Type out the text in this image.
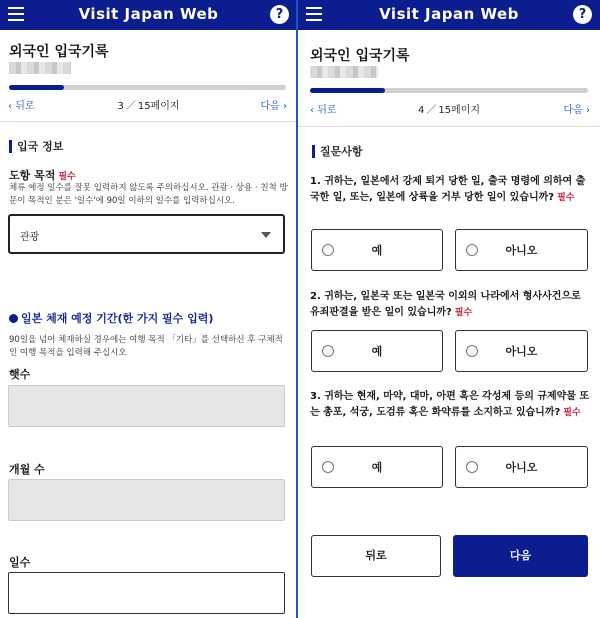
Visit Japan Web	?
외국인 입국기록
‹ 뒤로	3 ／ 15페이지	다음 ›
입국 정보
도항 목적 필수
체류 예정 일수를 잘못 입력하지 않도록 주의하십시오. 관광 · 상용 · 친척 방문이 목적인 분은 '일수'에 90일 이하의 일수를 입력하십시오.
관광
일본 체재 예정 기간(한 가지 필수 입력)
90일을 넘어 체재하실 경우에는 여행 목적 「기타」를 선택하신 후 구체적인 여행 목적을 입력해 주십시오
햇수
개월 수
일수
Visit Japan Web	?
외국인 입국기록
‹ 뒤로	4 ／ 15페이지	다음 ›
질문사항
1. 귀하는, 일본에서 강제 퇴거 당한 일, 출국 명령에 의하여 출국한 일, 또는, 일본에 상륙을 거부 당한 일이 있습니까? 필수
예	아니오
2. 귀하는, 일본국 또는 일본국 이외의 나라에서 형사사건으로 유죄판결을 받은 일이 있습니까? 필수
예	아니오
3. 귀하는 현재, 마약, 대마, 아편 혹은 각성제 등의 규제약물 또는 총포, 석궁, 도검류 혹은 화약류를 소지하고 있습니까? 필수
예	아니오
뒤로	다음
